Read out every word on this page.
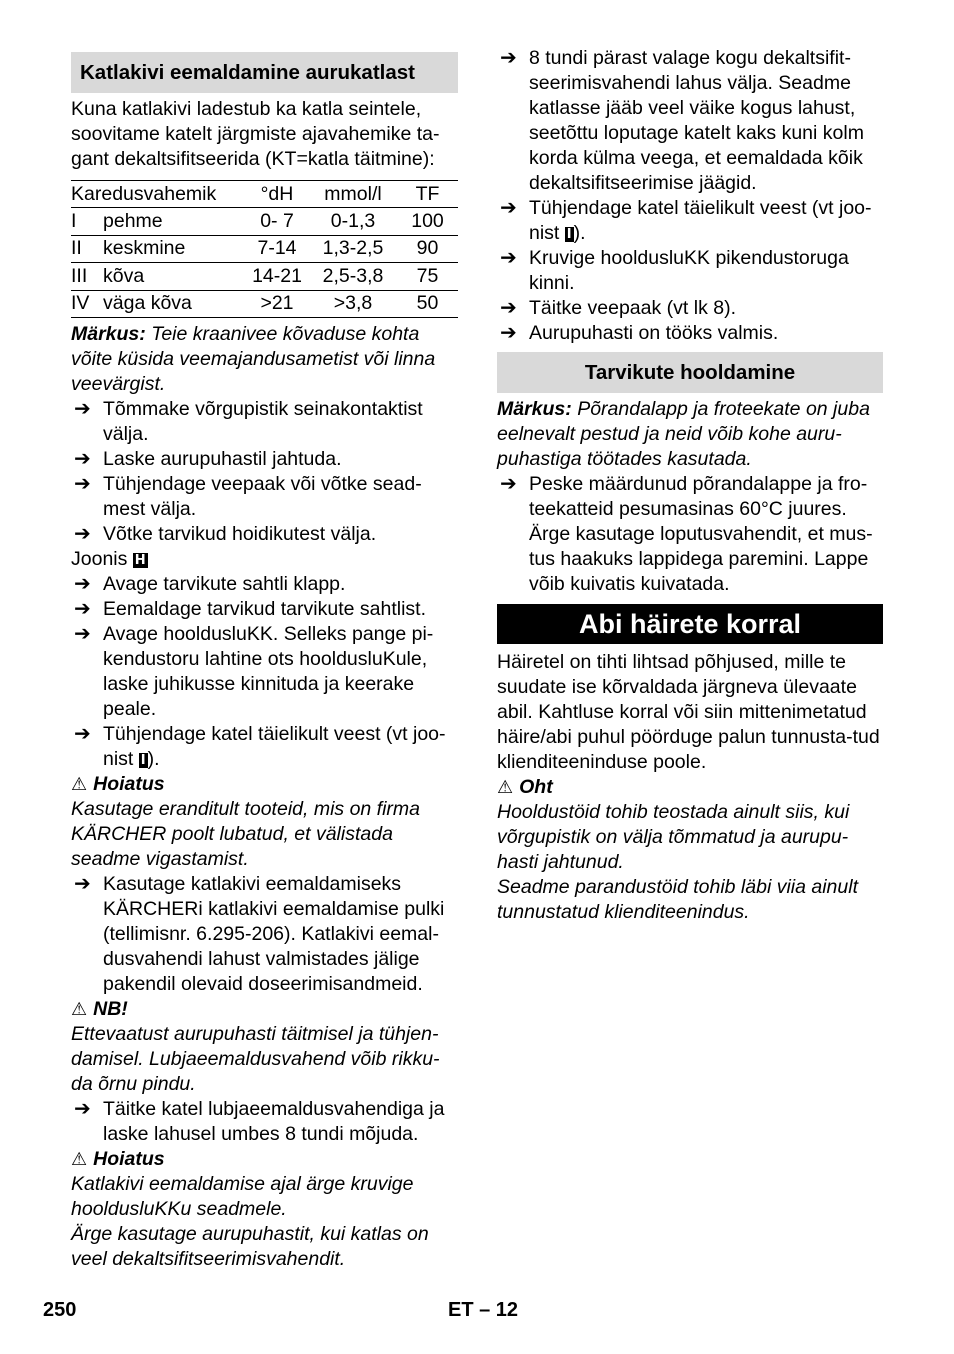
Katlakivi eemaldamine aurukatlast

Kuna katlakivi ladestub ka katla seintele, soovitame katelt järgmiste ajavahemike ta-gant dekaltsifitseerida (KT=katla täitmine):

Karedusvahemik		°dH	mmol/l	TF
I	pehme	0- 7	0-1,3	100
II	keskmine	7-14	1,3-2,5	90
III	kõva	14-21	2,5-3,8	75
IV	väga kõva	>21	>3,8	50

Märkus: Teie kraanivee kõvaduse kohta võite küsida veemajandusametist või linna veevärgist.

➔ Tõmmake võrgupistik seinakontaktist välja.
➔ Laske aurupuhastil jahtuda.
➔ Tühjendage veepaak või võtke sead-mest välja.
➔ Võtke tarvikud hoidikutest välja.

Joonis H

➔ Avage tarvikute sahtli klapp.
➔ Eemaldage tarvikud tarvikute sahtlist.
➔ Avage hooldusluKK. Selleks pange pi-kendustoru lahtine ots hooldusluKule, laske juhikusse kinnituda ja keerake peale.
➔ Tühjendage katel täielikult veest (vt joo-nist I ).

⚠ Hoiatus

Kasutage eranditult tooteid, mis on firma KÄRCHER poolt lubatud, et välistada seadme vigastamist.

➔ Kasutage katlakivi eemaldamiseks KÄRCHERi katlakivi eemaldamise pulki (tellimisnr. 6.295-206). Katlakivi eemal-dusvahendi lahust valmistades jälige pakendil olevaid doseerimisandmeid.

⚠ NB!

Ettevaatust aurupuhasti täitmisel ja tühjen-damisel. Lubjaeemaldusvahend võib rikku-da õrnu pindu.

➔ Täitke katel lubjaeemaldusvahendiga ja laske lahusel umbes 8 tundi mõjuda.

⚠ Hoiatus

Katlakivi eemaldamise ajal ärge kruvige hooldusluKKu seadmele.

Ärge kasutage aurupuhastit, kui katlas on veel dekaltsifitseerimisvahendit.

➔ 8 tundi pärast valage kogu dekaltsifit-seerimisvahendi lahus välja. Seadme katlasse jääb veel väike kogus lahust, seetõttu loputage katelt kaks kuni kolm korda külma veega, et eemaldada kõik dekaltsifitseerimise jäägid.
➔ Tühjendage katel täielikult veest (vt joo-nist I ).
➔ Kruvige hooldusluKK pikendustoruga kinni.
➔ Täitke veepaak (vt lk 8).
➔ Aurupuhasti on tööks valmis.
Tarvikute hooldamine

Märkus: Põrandalapp ja froteekate on juba eelnevalt pestud ja neid võib kohe auru-puhastiga töötades kasutada.

➔ Peske määrdunud põrandalappe ja fro-teekatteid pesumasinas 60°C juures. Ärge kasutage loputusvahendit, et mus-tus haakuks lappidega paremini. Lappe võib kuivatis kuivatada.
Abi häirete korral

Häiretel on tihti lihtsad põhjused, mille te suudate ise kõrvaldada järgneva ülevaate abil. Kahtluse korral või siin mittenimetatud häire/abi puhul pöörduge palun tunnusta-tud klienditeeninduse poole.

⚠ Oht

Hooldustöid tohib teostada ainult siis, kui võrgupistik on välja tõmmatud ja aurupu-hasti jahtunud.

Seadme parandustöid tohib läbi viia ainult tunnustatud klienditeenindus.

250	ET – 12
